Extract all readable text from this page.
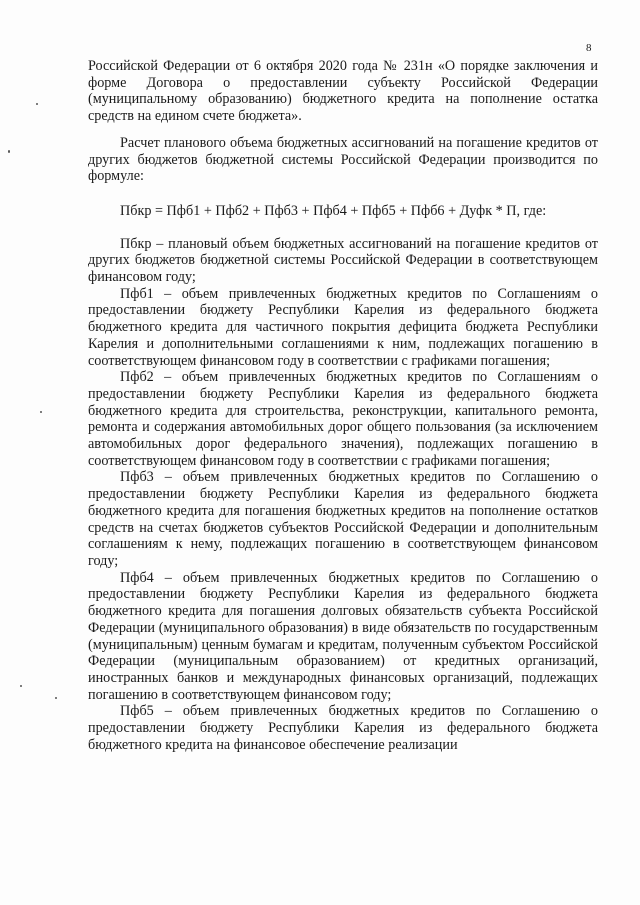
8

Российской Федерации от 6 октября 2020 года № 231н «О порядке заключения и форме Договора о предоставлении субъекту Российской Федерации (муниципальному образованию) бюджетного кредита на пополнение остатка средств на едином счете бюджета».

Расчет планового объема бюджетных ассигнований на погашение кредитов от других бюджетов бюджетной системы Российской Федерации производится по формуле:

Пбкр = Пфб1 + Пфб2 + Пфб3 + Пфб4 + Пфб5 + Пфб6 + Дуфк * П, где:

Пбкр – плановый объем бюджетных ассигнований на погашение кредитов от других бюджетов бюджетной системы Российской Федерации в соответствующем финансовом году;

Пфб1 – объем привлеченных бюджетных кредитов по Соглашениям о предоставлении бюджету Республики Карелия из федерального бюджета бюджетного кредита для частичного покрытия дефицита бюджета Республики Карелия и дополнительными соглашениями к ним, подлежащих погашению в соответствующем финансовом году в соответствии с графиками погашения;

Пфб2 – объем привлеченных бюджетных кредитов по Соглашениям о предоставлении бюджету Республики Карелия из федерального бюджета бюджетного кредита для строительства, реконструкции, капитального ремонта, ремонта и содержания автомобильных дорог общего пользования (за исключением автомобильных дорог федерального значения), подлежащих погашению в соответствующем финансовом году в соответствии с графиками погашения;

Пфб3 – объем привлеченных бюджетных кредитов по Соглашению о предоставлении бюджету Республики Карелия из федерального бюджета бюджетного кредита для погашения бюджетных кредитов на пополнение остатков средств на счетах бюджетов субъектов Российской Федерации и дополнительным соглашениям к нему, подлежащих погашению в соответствующем финансовом году;

Пфб4 – объем привлеченных бюджетных кредитов по Соглашению о предоставлении бюджету Республики Карелия из федерального бюджета бюджетного кредита для погашения долговых обязательств субъекта Российской Федерации (муниципального образования) в виде обязательств по государственным (муниципальным) ценным бумагам и кредитам, полученным субъектом Российской Федерации (муниципальным образованием) от кредитных организаций, иностранных банков и международных финансовых организаций, подлежащих погашению в соответствующем финансовом году;

Пфб5 – объем привлеченных бюджетных кредитов по Соглашению о предоставлении бюджету Республики Карелия из федерального бюджета бюджетного кредита на финансовое обеспечение реализации
